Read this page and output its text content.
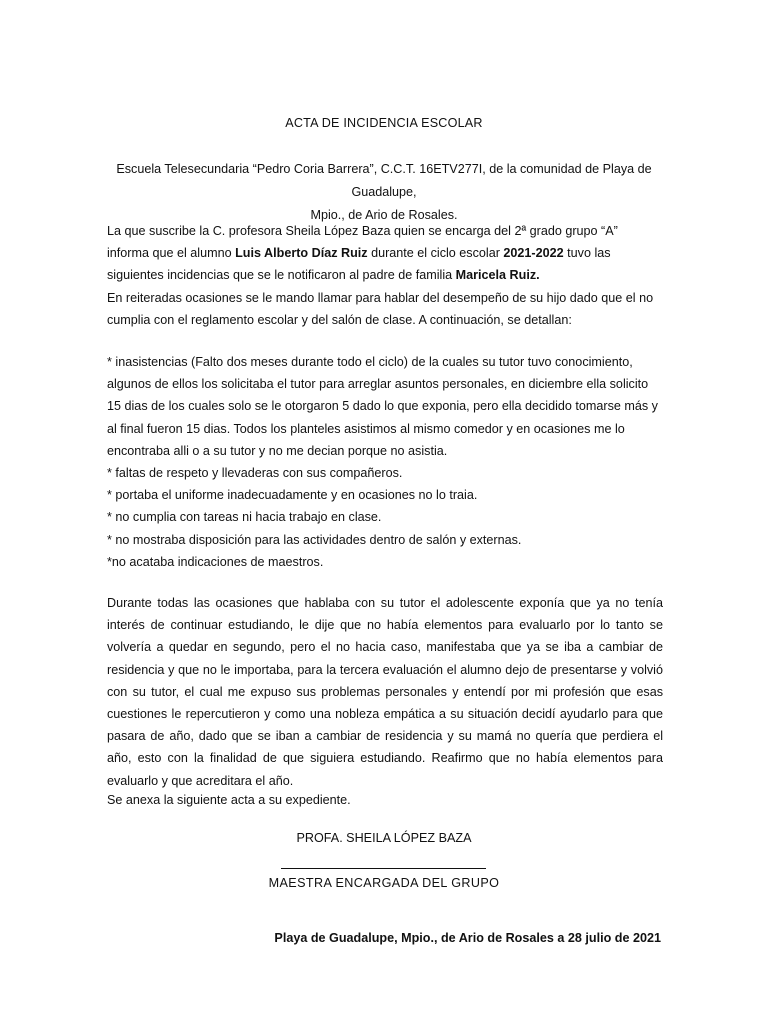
ACTA DE INCIDENCIA ESCOLAR
Escuela Telesecundaria “Pedro Coria Barrera”, C.C.T. 16ETV277I, de la comunidad de Playa de Guadalupe,
Mpio., de Ario de Rosales.

La que suscribe la C. profesora Sheila López Baza quien se encarga del 2ª grado grupo “A” informa que el alumno Luis Alberto Díaz Ruiz durante el ciclo escolar 2021-2022 tuvo las siguientes incidencias que se le notificaron al padre de familia Maricela Ruiz.

En reiteradas ocasiones se le mando llamar para hablar del desempeño de su hijo dado que el no cumplia con el reglamento escolar y del salón de clase. A continuación, se detallan:

* inasistencias (Falto dos meses durante todo el ciclo) de la cuales su tutor tuvo conocimiento, algunos de ellos los solicitaba el tutor para arreglar asuntos personales, en diciembre ella solicito 15 dias de los cuales solo se le otorgaron 5 dado lo que exponia, pero ella decidido tomarse más y al final fueron 15 dias. Todos los planteles asistimos al mismo comedor y en ocasiones me lo encontraba alli o a su tutor y no me decian porque no asistia.

* faltas de respeto y llevaderas con sus compañeros.

* portaba el uniforme inadecuadamente y en ocasiones no lo traia.

* no cumplia con tareas ni hacia trabajo en clase.

* no mostraba disposición para las actividades dentro de salón y externas.

*no acataba indicaciones de maestros.

Durante todas las ocasiones que hablaba con su tutor el adolescente exponía que ya no tenía interés de continuar estudiando, le dije que no había elementos para evaluarlo por lo tanto se volvería a quedar en segundo, pero el no hacia caso, manifestaba que ya se iba a cambiar de residencia y que no le importaba, para la tercera evaluación el alumno dejo de presentarse y volvió con su tutor, el cual me expuso sus problemas personales y entendí por mi profesión que esas cuestiones le repercutieron y como una nobleza empática a su situación decidí ayudarlo para que pasara de año, dado que se iban a cambiar de residencia y su mamá no quería que perdiera el año, esto con la finalidad de que siguiera estudiando. Reafirmo que no había elementos para evaluarlo y que acreditara el año.
Se anexa la siguiente acta a su expediente.
PROFA. SHEILA LÓPEZ BAZA
MAESTRA ENCARGADA DEL GRUPO
Playa de Guadalupe, Mpio., de Ario de Rosales a 28 julio de 2021
